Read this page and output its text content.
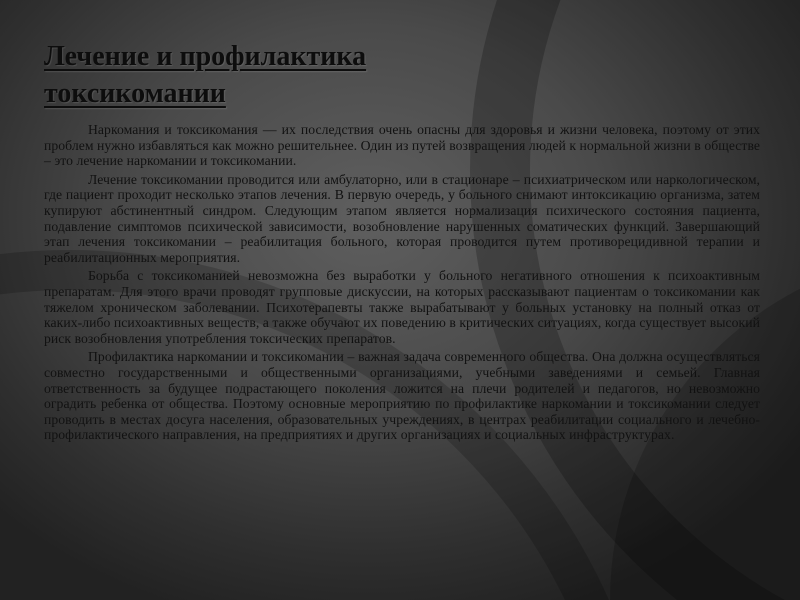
Лечение и профилактика
токсикомании

Наркомания и токсикомания — их последствия очень опасны для здоровья и жизни человека, поэтому от этих проблем нужно избавляться как можно решительнее. Один из путей возвращения людей к нормальной жизни в обществе – это лечение наркомании и токсикомании.

Лечение токсикомании проводится или амбулаторно, или в стационаре – психиатрическом или наркологическом, где пациент проходит несколько этапов лечения. В первую очередь, у больного снимают интоксикацию организма, затем купируют абстинентный синдром. Следующим этапом является нормализация психического состояния пациента, подавление симптомов психической зависимости, возобновление нарушенных соматических функций. Завершающий этап лечения токсикомании – реабилитация больного, которая проводится путем противорецидивной терапии и реабилитационных мероприятия.

Борьба с токсикоманией невозможна без выработки у больного негативного отношения к психоактивным препаратам. Для этого врачи проводят групповые дискуссии, на которых рассказывают пациентам о токсикомании как тяжелом хроническом заболевании. Психотерапевты также вырабатывают у больных установку на полный отказ от каких-либо психоактивных веществ, а также обучают их поведению в критических ситуациях, когда существует высокий риск возобновления употребления токсических препаратов.

Профилактика наркомании и токсикомании – важная задача современного общества. Она должна осуществляться совместно государственными и общественными организациями, учебными заведениями и семьей. Главная ответственность за будущее подрастающего поколения ложится на плечи родителей и педагогов, но невозможно оградить ребенка от общества. Поэтому основные мероприятию по профилактике наркомании и токсикомании следует проводить в местах досуга населения, образовательных учреждениях, в центрах реабилитации социального и лечебно-профилактического направления, на предприятиях и других организациях и социальных инфраструктурах.
